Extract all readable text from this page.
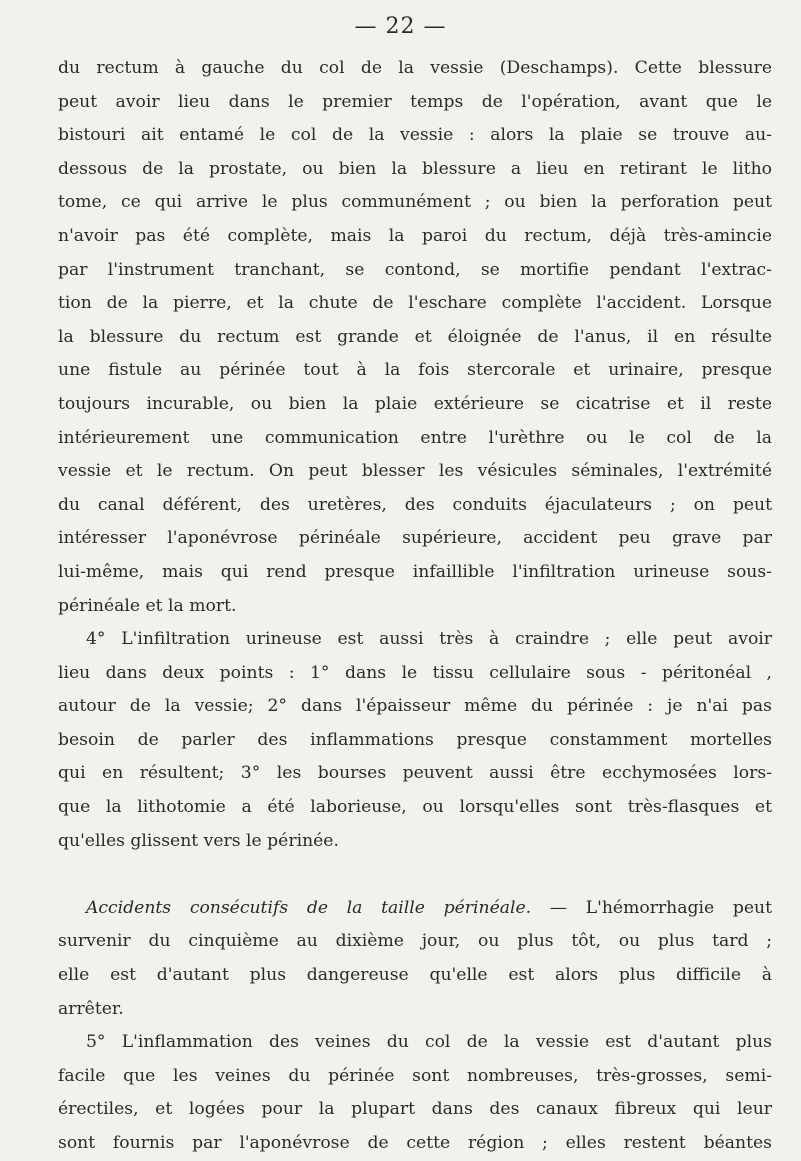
— 22 —
du rectum à gauche du col de la vessie (Deschamps). Cette blessure
peut avoir lieu dans le premier temps de l'opération, avant que le
bistouri ait entamé le col de la vessie : alors la plaie se trouve au-
dessous de la prostate, ou bien la blessure a lieu en retirant le litho
tome, ce qui arrive le plus communément ; ou bien la perforation peut
n'avoir pas été complète, mais la paroi du rectum, déjà très-amincie
par l'instrument tranchant, se contond, se mortifie pendant l'extrac-
tion de la pierre, et la chute de l'eschare complète l'accident. Lorsque
la blessure du rectum est grande et éloignée de l'anus, il en résulte
une fistule au périnée tout à la fois stercorale et urinaire, presque
toujours incurable, ou bien la plaie extérieure se cicatrise et il reste
intérieurement une communication entre l'urèthre ou le col de la
vessie et le rectum. On peut blesser les vésicules séminales, l'extrémité
du canal déférent, des uretères, des conduits éjaculateurs ; on peut
intéresser l'aponévrose périnéale supérieure, accident peu grave par
lui-même, mais qui rend presque infaillible l'infiltration urineuse sous-
périnéale et la mort.
4° L'infiltration urineuse est aussi très à craindre ; elle peut avoir
lieu dans deux points : 1° dans le tissu cellulaire sous - péritonéal ,
autour de la vessie; 2° dans l'épaisseur même du périnée : je n'ai pas
besoin de parler des inflammations presque constamment mortelles
qui en résultent; 3° les bourses peuvent aussi être ecchymosées lors-
que la lithotomie a été laborieuse, ou lorsqu'elles sont très-flasques et
qu'elles glissent vers le périnée.
Accidents consécutifs de la taille périnéale. — L'hémorrhagie peut
survenir du cinquième au dixième jour, ou plus tôt, ou plus tard ;
elle est d'autant plus dangereuse qu'elle est alors plus difficile à
arrêter.
5° L'inflammation des veines du col de la vessie est d'autant plus
facile que les veines du périnée sont nombreuses, très-grosses, semi-
érectiles, et logées pour la plupart dans des canaux fibreux qui leur
sont fournis par l'aponévrose de cette région ; elles restent béantes
